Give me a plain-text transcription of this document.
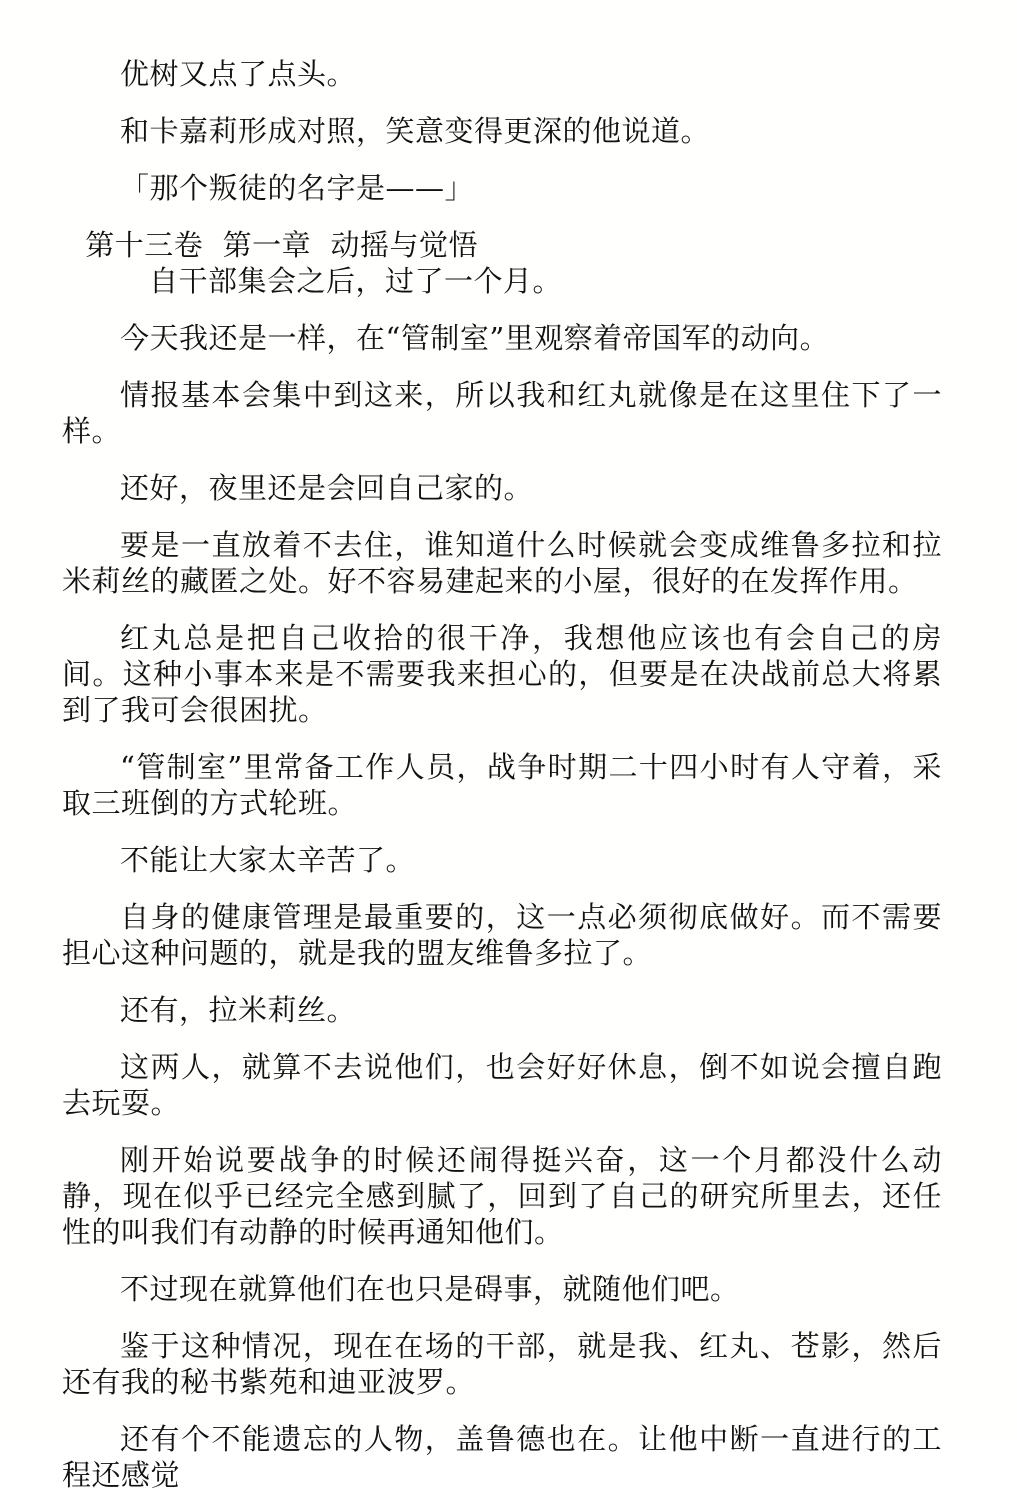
优树又点了点头。

和卡嘉莉形成对照，笑意变得更深的他说道。

「那个叛徒的名字是——」

第十三卷  第一章  动摇与觉悟

自干部集会之后，过了一个月。

今天我还是一样，在“管制室”里观察着帝国军的动向。

情报基本会集中到这来，所以我和红丸就像是在这里住下了一样。

还好，夜里还是会回自己家的。

要是一直放着不去住，谁知道什么时候就会变成维鲁多拉和拉米莉丝的藏匿之处。好不容易建起来的小屋，很好的在发挥作用。

红丸总是把自己收拾的很干净，我想他应该也有会自己的房间。这种小事本来是不需要我来担心的，但要是在决战前总大将累到了我可会很困扰。

“管制室”里常备工作人员，战争时期二十四小时有人守着，采取三班倒的方式轮班。

不能让大家太辛苦了。

自身的健康管理是最重要的，这一点必须彻底做好。而不需要担心这种问题的，就是我的盟友维鲁多拉了。

还有，拉米莉丝。

这两人，就算不去说他们，也会好好休息，倒不如说会擅自跑去玩耍。

刚开始说要战争的时候还闹得挺兴奋，这一个月都没什么动静，现在似乎已经完全感到腻了，回到了自己的研究所里去，还任性的叫我们有动静的时候再通知他们。

不过现在就算他们在也只是碍事，就随他们吧。

鉴于这种情况，现在在场的干部，就是我、红丸、苍影，然后还有我的秘书紫苑和迪亚波罗。

还有个不能遗忘的人物，盖鲁德也在。让他中断一直进行的工程还感觉
